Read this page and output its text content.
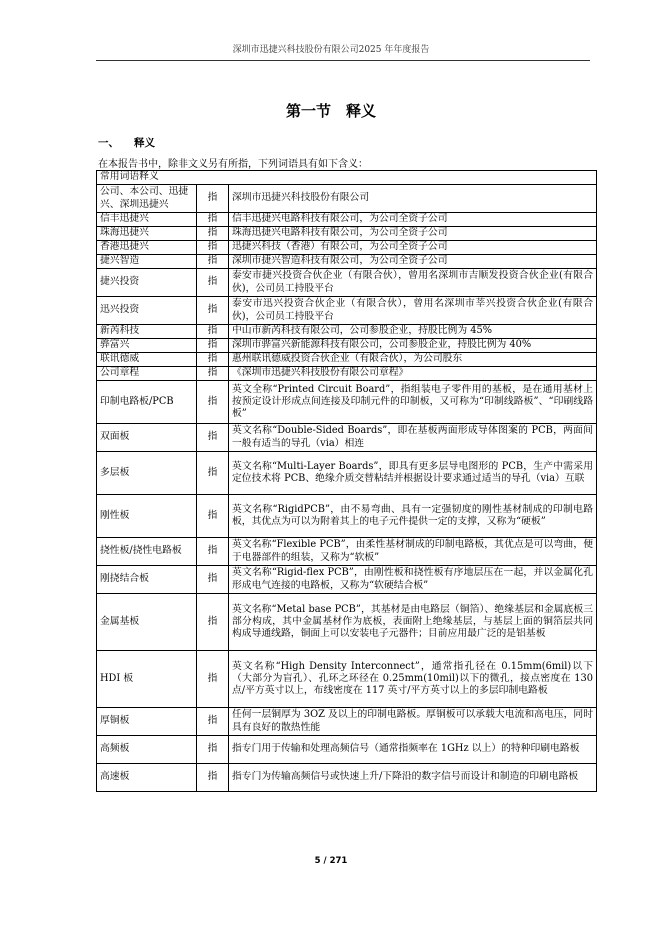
深圳市迅捷兴科技股份有限公司2025 年年度报告
第一节　释义
一、 释义
在本报告书中，除非文义另有所指，下列词语具有如下含义：
常用词语释义		
公司、本公司、迅捷兴、深圳迅捷兴	指	深圳市迅捷兴科技股份有限公司
信丰迅捷兴	指	信丰迅捷兴电路科技有限公司，为公司全资子公司
珠海迅捷兴	指	珠海迅捷兴电路科技有限公司，为公司全资子公司
香港迅捷兴	指	迅捷兴科技（香港）有限公司，为公司全资子公司
捷兴智造	指	深圳市捷兴智造科技有限公司，为公司全资子公司
捷兴投资	指	泰安市捷兴投资合伙企业（有限合伙），曾用名深圳市吉顺发投资合伙企业(有限合伙)，公司员工持股平台
迅兴投资	指	泰安市迅兴投资合伙企业（有限合伙），曾用名深圳市莘兴投资合伙企业(有限合伙)，公司员工持股平台
新芮科技	指	中山市新芮科技有限公司，公司参股企业，持股比例为 45%
骅富兴	指	深圳市骅富兴新能源科技有限公司，公司参股企业，持股比例为 40%
联讯德威	指	惠州联讯德威投资合伙企业（有限合伙），为公司股东
公司章程	指	《深圳市迅捷兴科技股份有限公司章程》
印制电路板/PCB	指	英文全称“Printed Circuit Board”，指组装电子零件用的基板，是在通用基材上按预定设计形成点间连接及印制元件的印制板，又可称为“印制线路板”、“印刷线路板”
双面板	指	英文名称“Double-Sided Boards”，即在基板两面形成导体图案的 PCB，两面间一般有适当的导孔（via）相连
多层板	指	英文名称“Multi-Layer Boards”，即具有更多层导电图形的 PCB，生产中需采用定位技术将 PCB、绝缘介质交替粘结并根据设计要求通过适当的导孔（via）互联
刚性板	指	英文名称“RigidPCB”，由不易弯曲、具有一定强韧度的刚性基材制成的印制电路板，其优点为可以为附着其上的电子元件提供一定的支撑，又称为“硬板”
挠性板/挠性电路板	指	英文名称“Flexible PCB”，由柔性基材制成的印制电路板，其优点是可以弯曲，便于电器部件的组装，又称为“软板”
刚挠结合板	指	英文名称“Rigid-flex PCB”，由刚性板和挠性板有序地层压在一起，并以金属化孔形成电气连接的电路板，又称为“软硬结合板”
金属基板	指	英文名称“Metal base PCB”，其基材是由电路层（铜箔）、绝缘基层和金属底板三部分构成，其中金属基材作为底板，表面附上绝缘基层，与基层上面的铜箔层共同构成导通线路，铜面上可以安装电子元器件；目前应用最广泛的是铝基板
HDI 板	指	英文名称“High Density Interconnect”，通常指孔径在 0.15mm(6mil)以下（大部分为盲孔）、孔环之环径在 0.25mm(10mil)以下的微孔，接点密度在 130 点/平方英寸以上，布线密度在 117 英寸/平方英寸以上的多层印制电路板
厚铜板	指	任何一层铜厚为 3OZ 及以上的印制电路板。厚铜板可以承载大电流和高电压，同时具有良好的散热性能
高频板	指	指专门用于传输和处理高频信号（通常指频率在 1GHz 以上）的特种印刷电路板
高速板	指	指专门为传输高频信号或快速上升/下降沿的数字信号而设计和制造的印刷电路板
5 / 271
